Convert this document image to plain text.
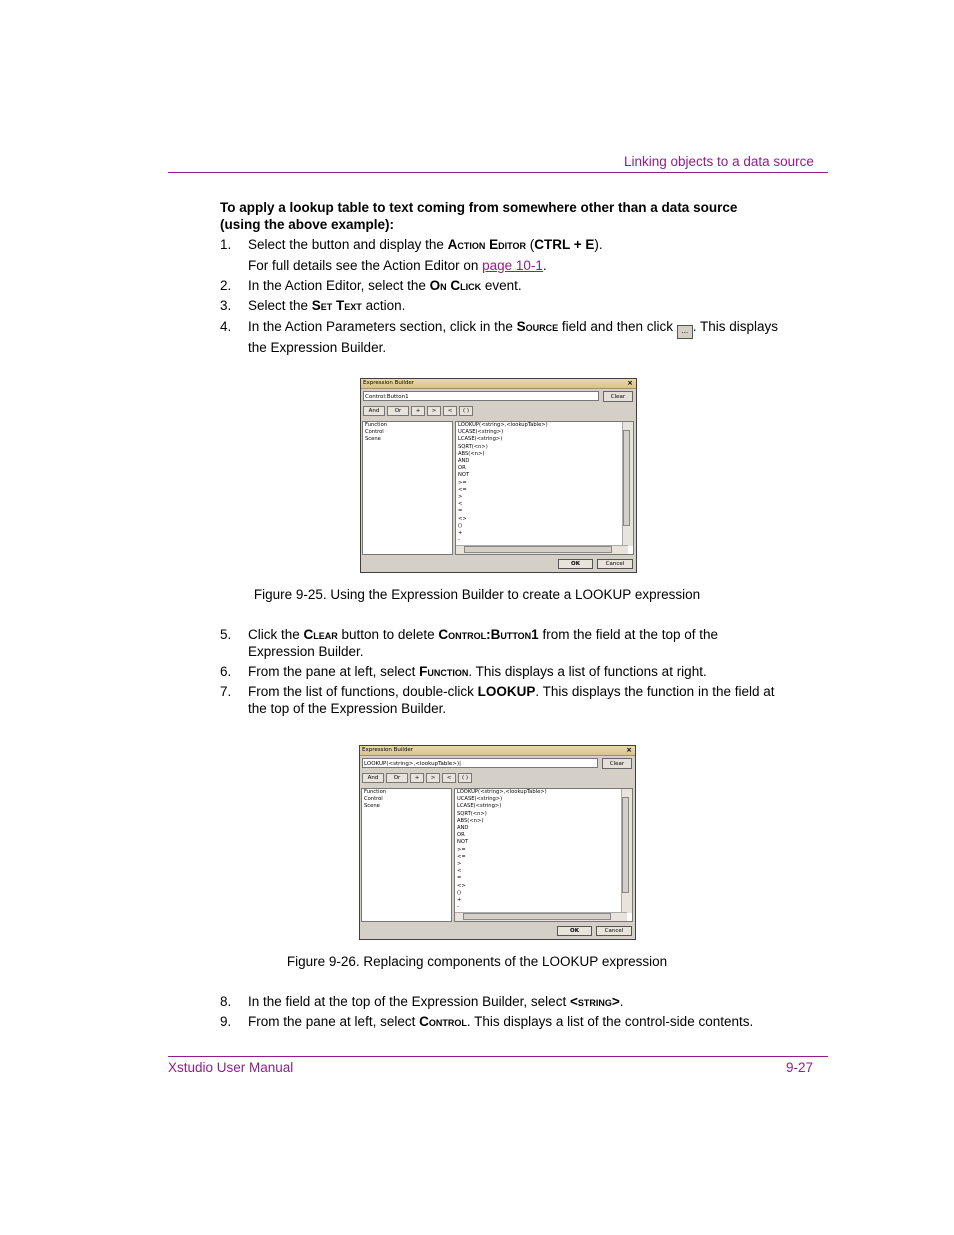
Linking objects to a data source
To apply a lookup table to text coming from somewhere other than a data source (using the above example):
1. Select the button and display the Action Editor (CTRL + E).
For full details see the Action Editor on page 10-1.
2. In the Action Editor, select the On Click event.
3. Select the Set Text action.
4. In the Action Parameters section, click in the Source field and then click ... . This displays the Expression Builder.
Expression Builder	×
Control:Button1	Clear
And	Or	+	>	<	( )
Function
Control
Scene
LOOKUP(<string>,<lookupTable>)
UCASE(<string>)
LCASE(<string>)
SQRT(<n>)
ABS(<n>)
AND
OR
NOT
>=
<=
>
<
=
<>
()
+
-
OK	Cancel
Figure 9-25. Using the Expression Builder to create a LOOKUP expression
5. Click the Clear button to delete Control:Button1 from the field at the top of the Expression Builder.
6. From the pane at left, select Function. This displays a list of functions at right.
7. From the list of functions, double-click LOOKUP. This displays the function in the field at the top of the Expression Builder.
Expression Builder	×
LOOKUP(<string>,<lookupTable>)|	Clear
And	Or	+	>	<	( )
Function
Control
Scene
LOOKUP(<string>,<lookupTable>)
UCASE(<string>)
LCASE(<string>)
SQRT(<n>)
ABS(<n>)
AND
OR
NOT
>=
<=
>
<
=
<>
()
+
-
OK	Cancel
Figure 9-26. Replacing components of the LOOKUP expression
8. In the field at the top of the Expression Builder, select <string>.
9. From the pane at left, select Control. This displays a list of the control-side contents.
Xstudio User Manual	9-27
